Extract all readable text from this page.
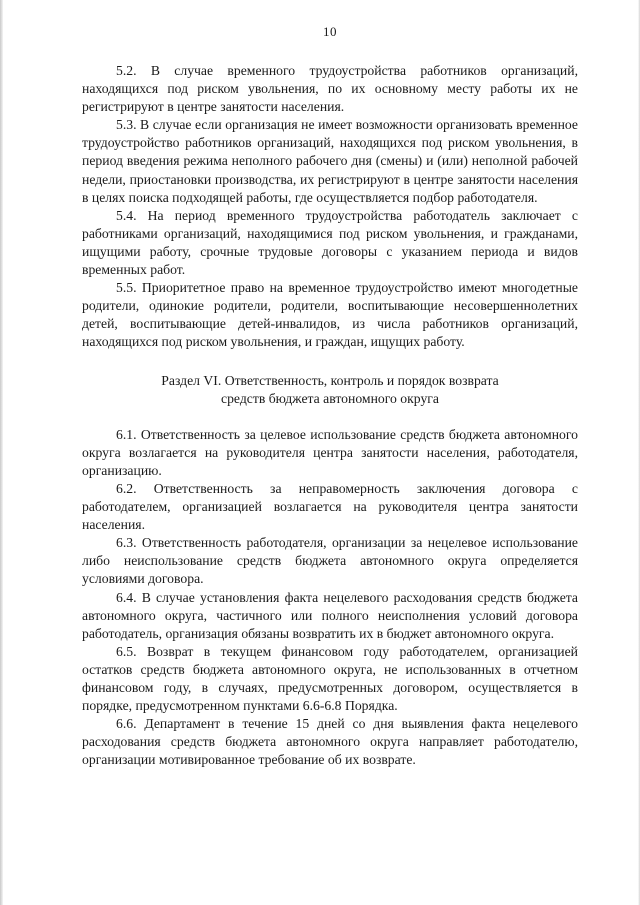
10

5.2. В случае временного трудоустройства работников организаций, находящихся под риском увольнения, по их основному месту работы их не регистрируют в центре занятости населения.

5.3. В случае если организация не имеет возможности организовать временное трудоустройство работников организаций, находящихся под риском увольнения, в период введения режима неполного рабочего дня (смены) и (или) неполной рабочей недели, приостановки производства, их регистрируют в центре занятости населения в целях поиска подходящей работы, где осуществляется подбор работодателя.

5.4. На период временного трудоустройства работодатель заключает с работниками организаций, находящимися под риском увольнения, и гражданами, ищущими работу, срочные трудовые договоры с указанием периода и видов временных работ.

5.5. Приоритетное право на временное трудоустройство имеют многодетные родители, одинокие родители, родители, воспитывающие несовершеннолетних детей, воспитывающие детей-инвалидов, из числа работников организаций, находящихся под риском увольнения, и граждан, ищущих работу.

Раздел VI. Ответственность, контроль и порядок возврата
средств бюджета автономного округа

6.1. Ответственность за целевое использование средств бюджета автономного округа возлагается на руководителя центра занятости населения, работодателя, организацию.

6.2. Ответственность за неправомерность заключения договора с работодателем, организацией возлагается на руководителя центра занятости населения.

6.3. Ответственность работодателя, организации за нецелевое использование либо неиспользование средств бюджета автономного округа определяется условиями договора.

6.4. В случае установления факта нецелевого расходования средств бюджета автономного округа, частичного или полного неисполнения условий договора работодатель, организация обязаны возвратить их в бюджет автономного округа.

6.5. Возврат в текущем финансовом году работодателем, организацией остатков средств бюджета автономного округа, не использованных в отчетном финансовом году, в случаях, предусмотренных договором, осуществляется в порядке, предусмотренном пунктами 6.6-6.8 Порядка.

6.6. Департамент в течение 15 дней со дня выявления факта нецелевого расходования средств бюджета автономного округа направляет работодателю, организации мотивированное требование об их возврате.
